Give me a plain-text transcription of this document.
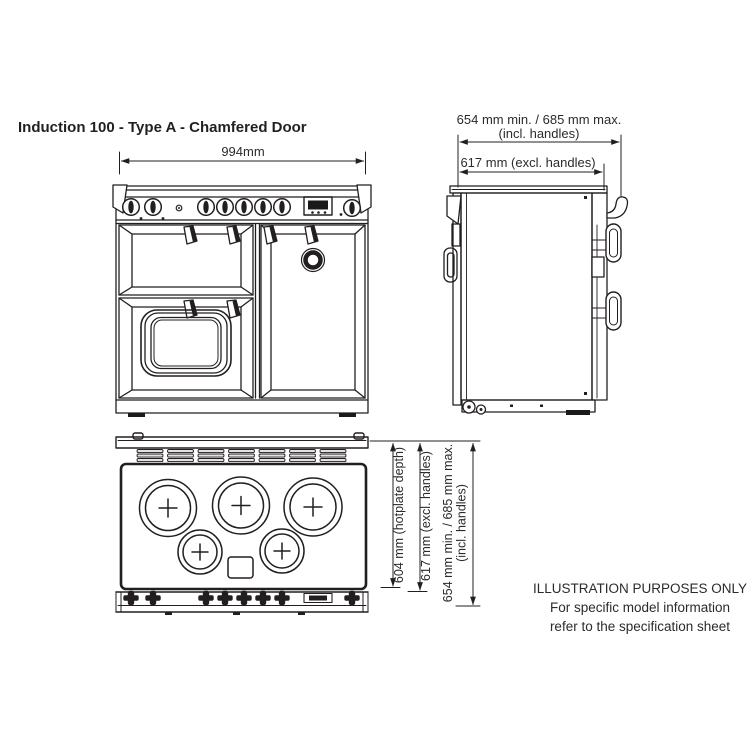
Induction 100 - Type A - Chamfered Door
994mm
654 mm min. / 685 mm max.
(incl. handles)
617 mm (excl. handles)
604 mm (hotplate depth) 617 mm (excl. handles) 654 mm min. / 685 mm max. (incl. handles)
ILLUSTRATION PURPOSES ONLY
For specific model information
refer to the specification sheet
